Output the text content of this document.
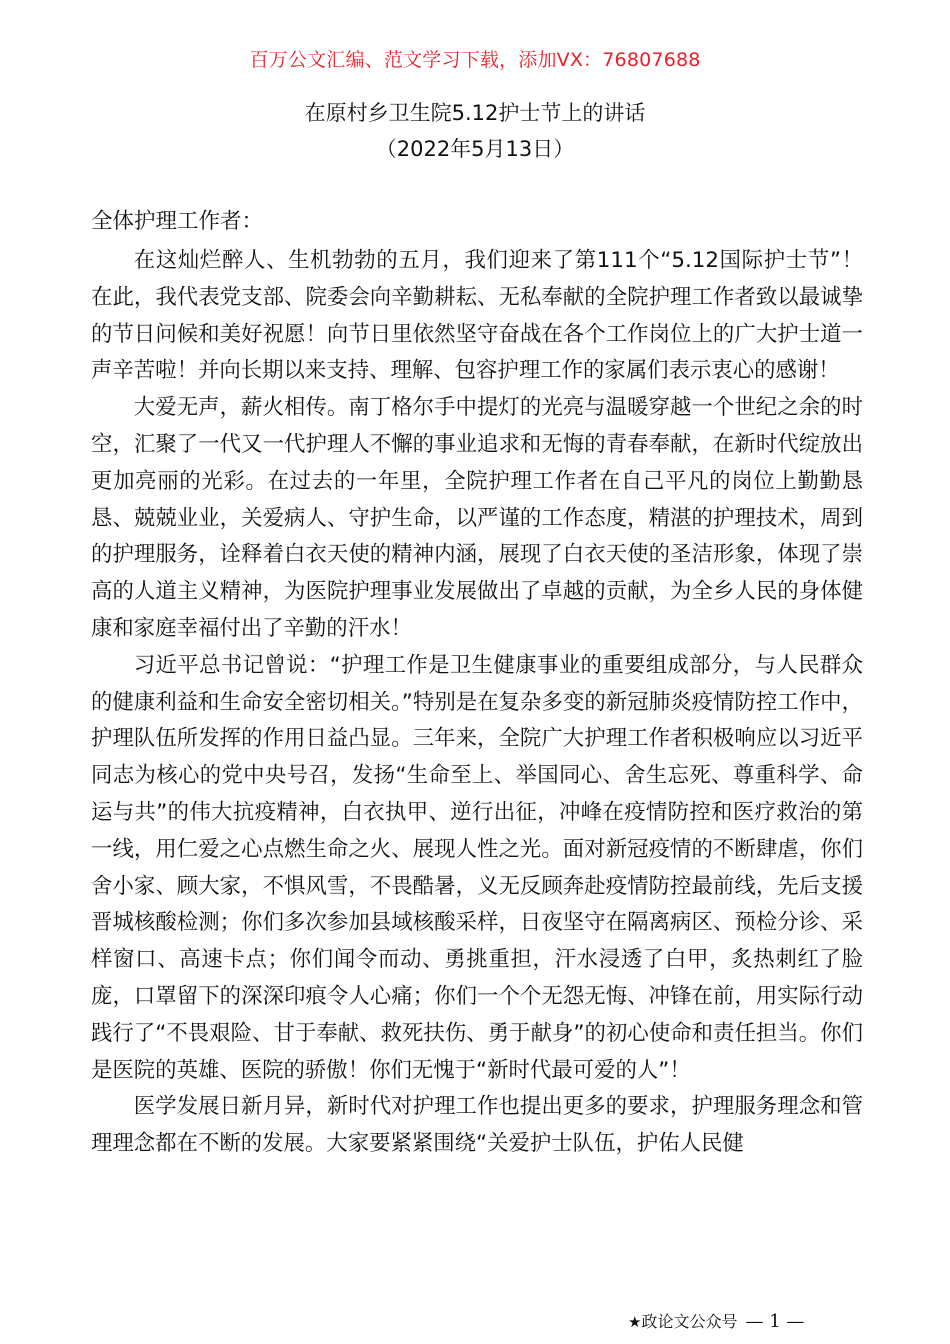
百万公文汇编、范文学习下载，添加VX：76807688
在原村乡卫生院5.12护士节上的讲话
（2022年5月13日）
全体护理工作者：

在这灿烂醉人、生机勃勃的五月，我们迎来了第111个“5.12国际护士节”！在此，我代表党支部、院委会向辛勤耕耘、无私奉献的全院护理工作者致以最诚挚的节日问候和美好祝愿！向节日里依然坚守奋战在各个工作岗位上的广大护士道一声辛苦啦！并向长期以来支持、理解、包容护理工作的家属们表示衷心的感谢！

大爱无声，薪火相传。南丁格尔手中提灯的光亮与温暖穿越一个世纪之余的时空，汇聚了一代又一代护理人不懈的事业追求和无悔的青春奉献，在新时代绽放出更加亮丽的光彩。在过去的一年里，全院护理工作者在自己平凡的岗位上勤勤恳恳、兢兢业业，关爱病人、守护生命，以严谨的工作态度，精湛的护理技术，周到的护理服务，诠释着白衣天使的精神内涵，展现了白衣天使的圣洁形象，体现了崇高的人道主义精神，为医院护理事业发展做出了卓越的贡献，为全乡人民的身体健康和家庭幸福付出了辛勤的汗水！

习近平总书记曾说：“护理工作是卫生健康事业的重要组成部分，与人民群众的健康利益和生命安全密切相关。”特别是在复杂多变的新冠肺炎疫情防控工作中，护理队伍所发挥的作用日益凸显。三年来，全院广大护理工作者积极响应以习近平同志为核心的党中央号召，发扬“生命至上、举国同心、舍生忘死、尊重科学、命运与共”的伟大抗疫精神，白衣执甲、逆行出征，冲峰在疫情防控和医疗救治的第一线，用仁爱之心点燃生命之火、展现人性之光。面对新冠疫情的不断肆虐，你们舍小家、顾大家，不惧风雪，不畏酷暑，义无反顾奔赴疫情防控最前线，先后支援晋城核酸检测；你们多次参加县域核酸采样，日夜坚守在隔离病区、预检分诊、采样窗口、高速卡点；你们闻令而动、勇挑重担，汗水浸透了白甲，炙热刺红了脸庞，口罩留下的深深印痕令人心痛；你们一个个无怨无悔、冲锋在前，用实际行动践行了“不畏艰险、甘于奉献、救死扶伤、勇于献身”的初心使命和责任担当。你们是医院的英雄、医院的骄傲！你们无愧于“新时代最可爱的人”！

医学发展日新月异，新时代对护理工作也提出更多的要求，护理服务理念和管理理念都在不断的发展。大家要紧紧围绕“关爱护士队伍，护佑人民健

★政论文公众号 — 1 —
